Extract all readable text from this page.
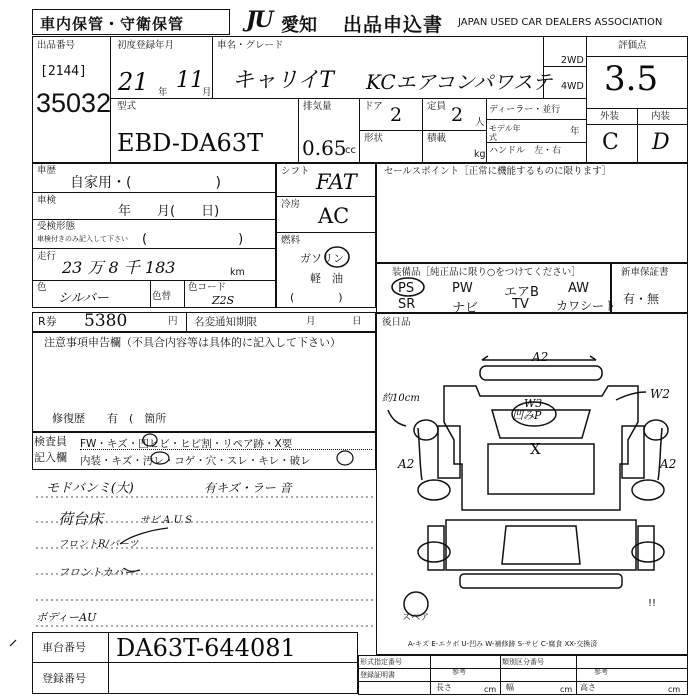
車内保管・守衛保管	JU 愛知 出品申込書 JAPAN USED CAR DEALERS ASSOCIATION
出品番号
[2144]
35032
初度登録年月
21 年 11
月
車名・グレード
キャリイT KCエアコンパワステ
2WD
4WD
型式
EBD-DA63T
排気量
0.65
cc
ドア 2	定員 2 人
形状	積載
kg
ディーラー・並行
モデル年式
年
ハンドル　左・右
評価点
3.5
外装	内装
C D
車歴
自家用・(　　　　　　)
車検
年　　月(　　日)
受検形態
車検付きのみ記入して下さい (　　　　　　　)
走行
23 万 8 千 183	km
色
シルバー	色替
色コード
Z2S
シフト FAT
冷房 AC
燃料
ガソリン
軽　油
(　　　　)
セールスポイント［正常に機能するものに限ります］
装備品［純正品に限り○をつけてください］
PS	PW エアB AW
SR	ナビ	TV カワシート
新車保証書
有・無
R券 5380	円 名変通知期限	月	日 後日品
注意事項申告欄（不具合内容等は具体的に記入して下さい）
修復歴　　有　(　箇所
検査員
記入欄
FW・キズ・凹ヒビ・ヒビ割・リペア跡・X要
内装・キズ・汚レ・コゲ・穴・スレ・キレ・破レ
モドバンミ(大)	有キズ・ラー 音
荷台床	サビ A U S
フロントR/パーツ
フロントカバー
ボディーAU
!!
A2
W2
W3
凹みP
A2	A2
約10cm
X
スペア
A-キズ E-エクボ U-凹み W-補修跡 S-サビ C-腐食 XX-交換済
形式指定番号	類別区分番号
参考	参考
登録証明書
長さ	幅	高さ
cm	cm	cm
車台番号 DA63T-644081
登録番号
